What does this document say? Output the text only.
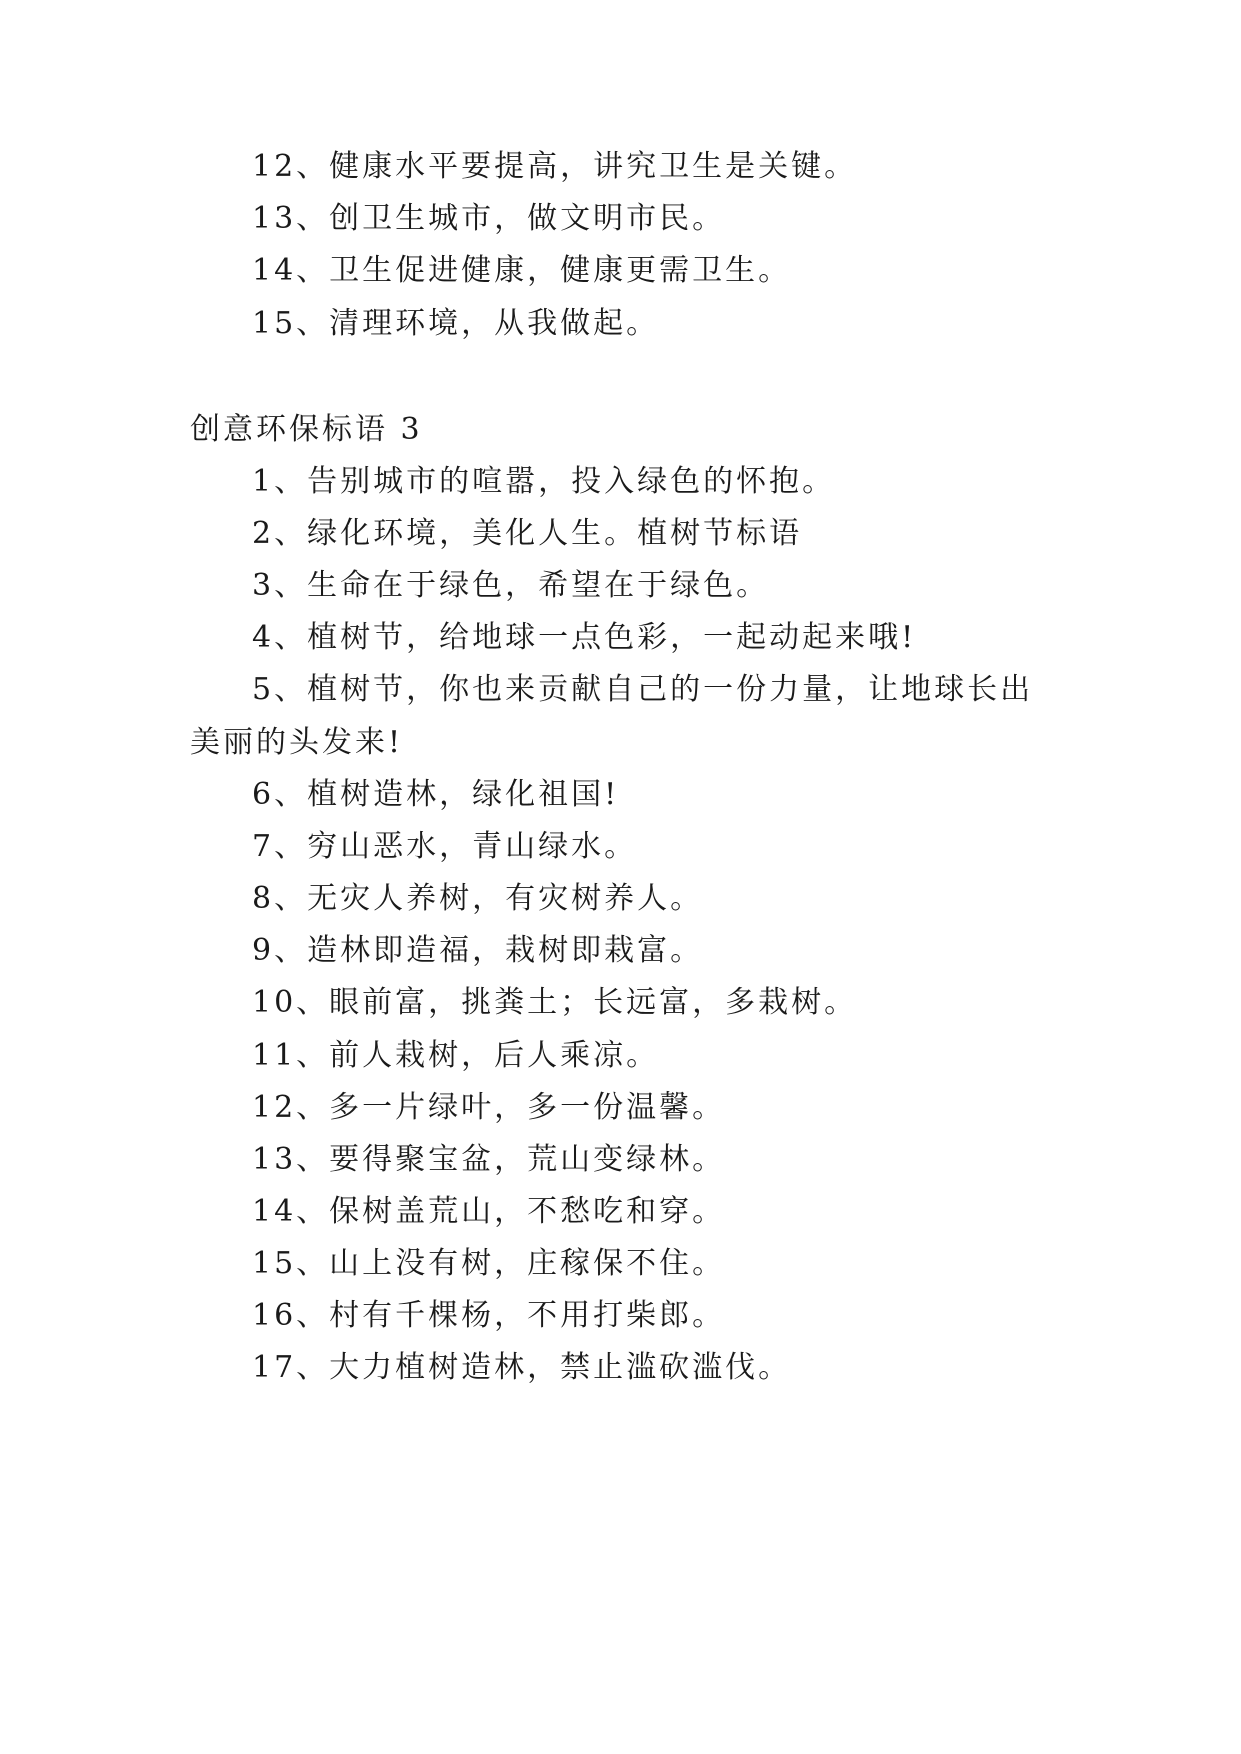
12、健康水平要提高，讲究卫生是关键。
13、创卫生城市，做文明市民。
14、卫生促进健康，健康更需卫生。
15、清理环境，从我做起。
创意环保标语 3
1、告别城市的喧嚣，投入绿色的怀抱。
2、绿化环境，美化人生。植树节标语
3、生命在于绿色，希望在于绿色。
4、植树节，给地球一点色彩，一起动起来哦!
5、植树节，你也来贡献自己的一份力量，让地球长出
美丽的头发来!
6、植树造林，绿化祖国!
7、穷山恶水，青山绿水。
8、无灾人养树，有灾树养人。
9、造林即造福，栽树即栽富。
10、眼前富，挑粪土；长远富，多栽树。
11、前人栽树，后人乘凉。
12、多一片绿叶，多一份温馨。
13、要得聚宝盆，荒山变绿林。
14、保树盖荒山，不愁吃和穿。
15、山上没有树，庄稼保不住。
16、村有千棵杨，不用打柴郎。
17、大力植树造林，禁止滥砍滥伐。
